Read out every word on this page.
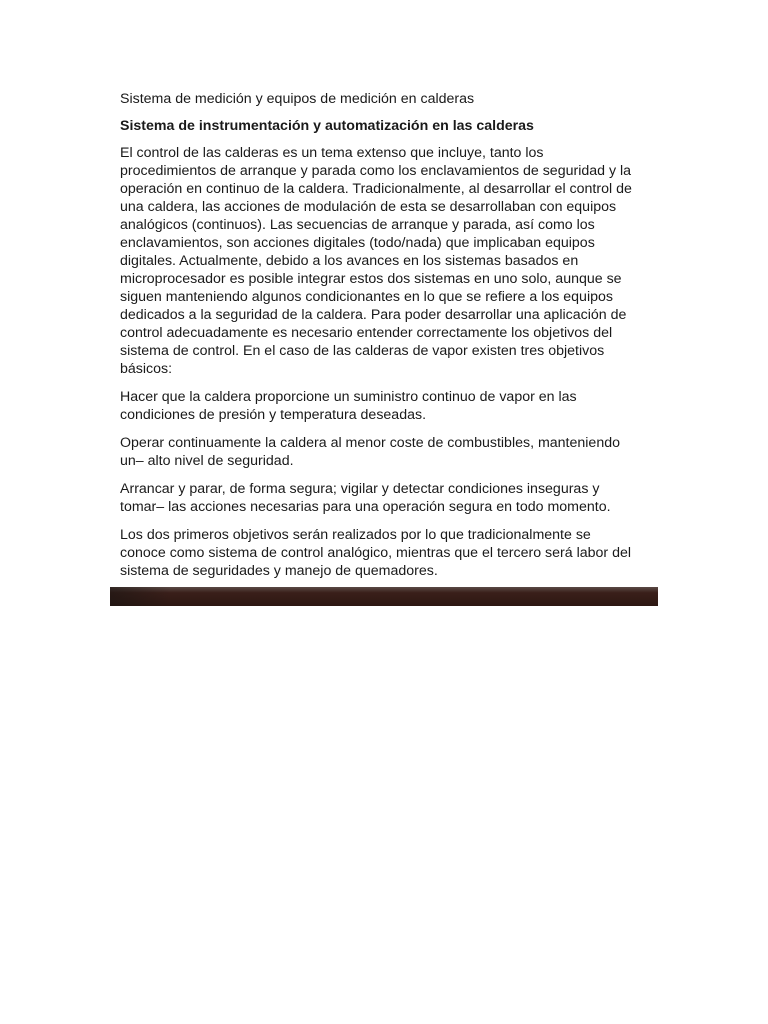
Sistema de medición y equipos de medición en calderas

Sistema de instrumentación y automatización en las calderas

El control de las calderas es un tema extenso que incluye, tanto los procedimientos de arranque y parada como los enclavamientos de seguridad y la operación en continuo de la caldera. Tradicionalmente, al desarrollar el control de una caldera, las acciones de modulación de esta se desarrollaban con equipos analógicos (continuos). Las secuencias de arranque y parada, así como los enclavamientos, son acciones digitales (todo/nada) que implicaban equipos digitales. Actualmente, debido a los avances en los sistemas basados en microprocesador es posible integrar estos dos sistemas en uno solo, aunque se siguen manteniendo algunos condicionantes en lo que se refiere a los equipos dedicados a la seguridad de la caldera. Para poder desarrollar una aplicación de control adecuadamente es necesario entender correctamente los objetivos del sistema de control. En el caso de las calderas de vapor existen tres objetivos básicos:

Hacer que la caldera proporcione un suministro continuo de vapor en las condiciones de presión y temperatura deseadas.

Operar continuamente la caldera al menor coste de combustibles, manteniendo un– alto nivel de seguridad.

Arrancar y parar, de forma segura; vigilar y detectar condiciones inseguras y tomar– las acciones necesarias para una operación segura en todo momento.

Los dos primeros objetivos serán realizados por lo que tradicionalmente se conoce como sistema de control analógico, mientras que el tercero será labor del sistema de seguridades y manejo de quemadores.
